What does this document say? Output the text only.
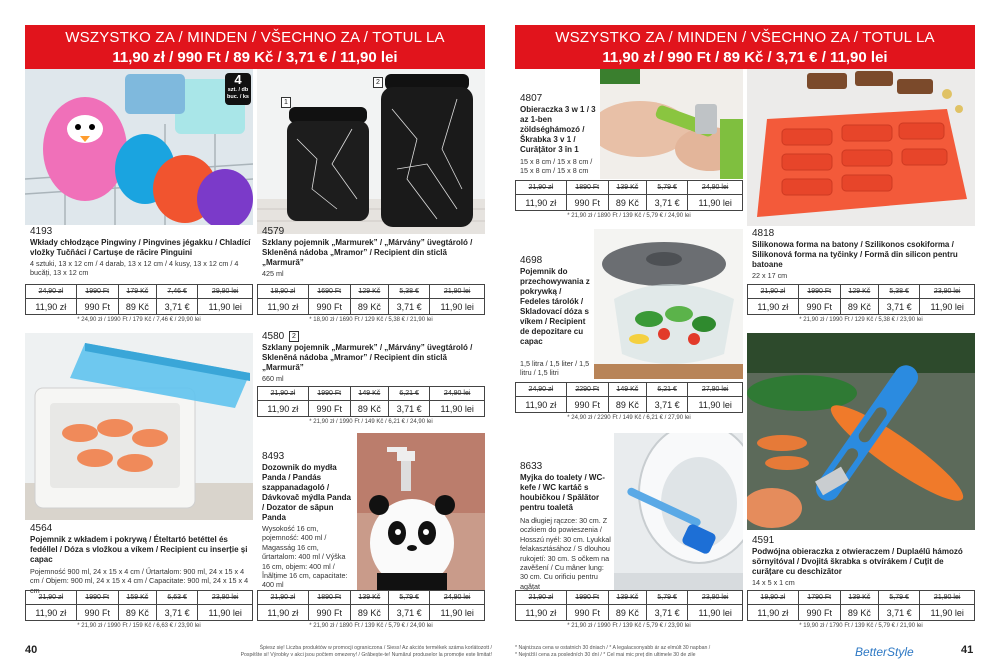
WSZYSTKO ZA / MINDEN / VŠECHNO ZA / TOTUL LA
11,90 zł / 990 Ft / 89 Kč / 3,71 € / 11,90 lei
4
szt. / db
buc. / ks
1
2
4193
Wkłady chłodzące Pingwiny / Pingvines jégakku / Chladící vložky Tučňáci / Cartușe de răcire Pinguini
4 sztuki, 13 x 12 cm / 4 darab, 13 x 12 cm / 4 kusy, 13 x 12 cm / 4 bucăți, 13 x 12 cm
24,90 zł	1990 Ft	179 Kč	7,46 €	29,90 lei
11,90 zł	990 Ft	89 Kč	3,71 €	11,90 lei
* 24,90 zł / 1990 Ft / 179 Kč / 7,46 € / 29,90 lei
4579
Szklany pojemnik „Marmurek” / „Márvány” üvegtároló / Skleněná nádoba „Mramor” / Recipient din sticlă „Marmură”
425 ml
18,90 zł	1690 Ft	129 Kč	5,38 €	21,90 lei
11,90 zł	990 Ft	89 Kč	3,71 €	11,90 lei
* 18,90 zł / 1690 Ft / 129 Kč / 5,38 € / 21,90 lei
4580	2
Szklany pojemnik „Marmurek” / „Márvány” üvegtároló / Skleněná nádoba „Mramor” / Recipient din sticlă „Marmură”
660 ml
21,90 zł	1990 Ft	149 Kč	6,21 €	24,90 lei
11,90 zł	990 Ft	89 Kč	3,71 €	11,90 lei
* 21,90 zł / 1990 Ft / 149 Kč / 6,21 € / 24,90 lei
4564
Pojemnik z wkładem i pokrywą / Ételtartó betéttel és fedéllel / Dóza s vložkou a víkem / Recipient cu inserție și capac
Pojemność 900 ml, 24 x 15 x 4 cm / Űrtartalom: 900 ml, 24 x 15 x 4 cm / Objem: 900 ml, 24 x 15 x 4 cm / Capacitate: 900 ml, 24 x 15 x 4 cm
21,90 zł	1990 Ft	159 Kč	6,63 €	23,90 lei
11,90 zł	990 Ft	89 Kč	3,71 €	11,90 lei
* 21,90 zł / 1990 Ft / 159 Kč / 6,63 € / 23,90 lei
8493
Dozownik do mydła Panda / Pandás szappanadagoló / Dávkovač mýdla Panda / Dozator de săpun Panda
Wysokość 16 cm, pojemność: 400 ml / Magasság 16 cm, űrtartalom: 400 ml / Výška 16 cm, objem: 400 ml / Înălțime 16 cm, capacitate: 400 ml
21,90 zł	1890 Ft	139 Kč	5,79 €	24,90 lei
11,90 zł	990 Ft	89 Kč	3,71 €	11,90 lei
* 21,90 zł / 1890 Ft / 139 Kč / 5,79 € / 24,90 lei
40	Śpiesz się! Liczba produktów w promocji ograniczona / Siess! Az akciós termékek száma korlátozott /
Pospěšte si! Výrobky v akci jsou počtem omezeny! / Grăbește-te! Numărul produselor la promoție este limitat!
WSZYSTKO ZA / MINDEN / VŠECHNO ZA / TOTUL LA
11,90 zł / 990 Ft / 89 Kč / 3,71 € / 11,90 lei
4807
Obieraczka 3 w 1 / 3 az 1-ben zöldséghámozó / Škrabka 3 v 1 / Curățător 3 în 1
15 x 8 cm / 15 x 8 cm / 15 x 8 cm / 15 x 8 cm
21,90 zł	1890 Ft	139 Kč	5,79 €	24,90 lei
11,90 zł	990 Ft	89 Kč	3,71 €	11,90 lei
* 21,90 zł / 1890 Ft / 139 Kč / 5,79 € / 24,90 lei
4818
Silikonowa forma na batony / Szilikonos csokiforma / Silikonová forma na tyčinky / Formă din silicon pentru batoane
22 x 17 cm
21,90 zł	1990 Ft	129 Kč	5,38 €	23,90 lei
11,90 zł	990 Ft	89 Kč	3,71 €	11,90 lei
* 21,90 zł / 1990 Ft / 129 Kč / 5,38 € / 23,90 lei
4698
Pojemnik do przechowywania z pokrywką / Fedeles tárolók / Skladovací dóza s víkem / Recipient de depozitare cu capac
1,5 litra / 1,5 liter / 1,5 litru / 1,5 litri
24,90 zł	2290 Ft	149 Kč	6,21 €	27,90 lei
11,90 zł	990 Ft	89 Kč	3,71 €	11,90 lei
* 24,90 zł / 2290 Ft / 149 Kč / 6,21 € / 27,90 lei
4591
Podwójna obieraczka z otwieraczem / Duplaélű hámozó sörnyitóval / Dvojitá škrabka s otvírákem / Cuțit de curățare cu deschizător
14 x 5 x 1 cm
19,90 zł	1790 Ft	139 Kč	5,79 €	21,90 lei
11,90 zł	990 Ft	89 Kč	3,71 €	11,90 lei
* 19,90 zł / 1790 Ft / 139 Kč / 5,79 € / 21,90 lei
8633
Myjka do toalety / WC-kefe / WC kartáč s houbičkou / Spălător pentru toaletă
Na długiej rączce: 30 cm. Z oczkiem do powieszenia / Hosszú nyél: 30 cm. Lyukkal felakasztásához / S dlouhou rukojetí: 30 cm. S očkem na zavěšení / Cu mâner lung: 30 cm. Cu orificiu pentru agățat
21,90 zł	1990 Ft	139 Kč	5,79 €	23,90 lei
11,90 zł	990 Ft	89 Kč	3,71 €	11,90 lei
* 21,90 zł / 1990 Ft / 139 Kč / 5,79 € / 23,90 lei
* Najniższa cena w ostatnich 30 dniach / * A legalacsonyabb ár az elmúlt 30 napban /
* Nejnižší cena za posledních 30 dní / * Cel mai mic preț din ultimele 30 de zile	BetterStyle	41
